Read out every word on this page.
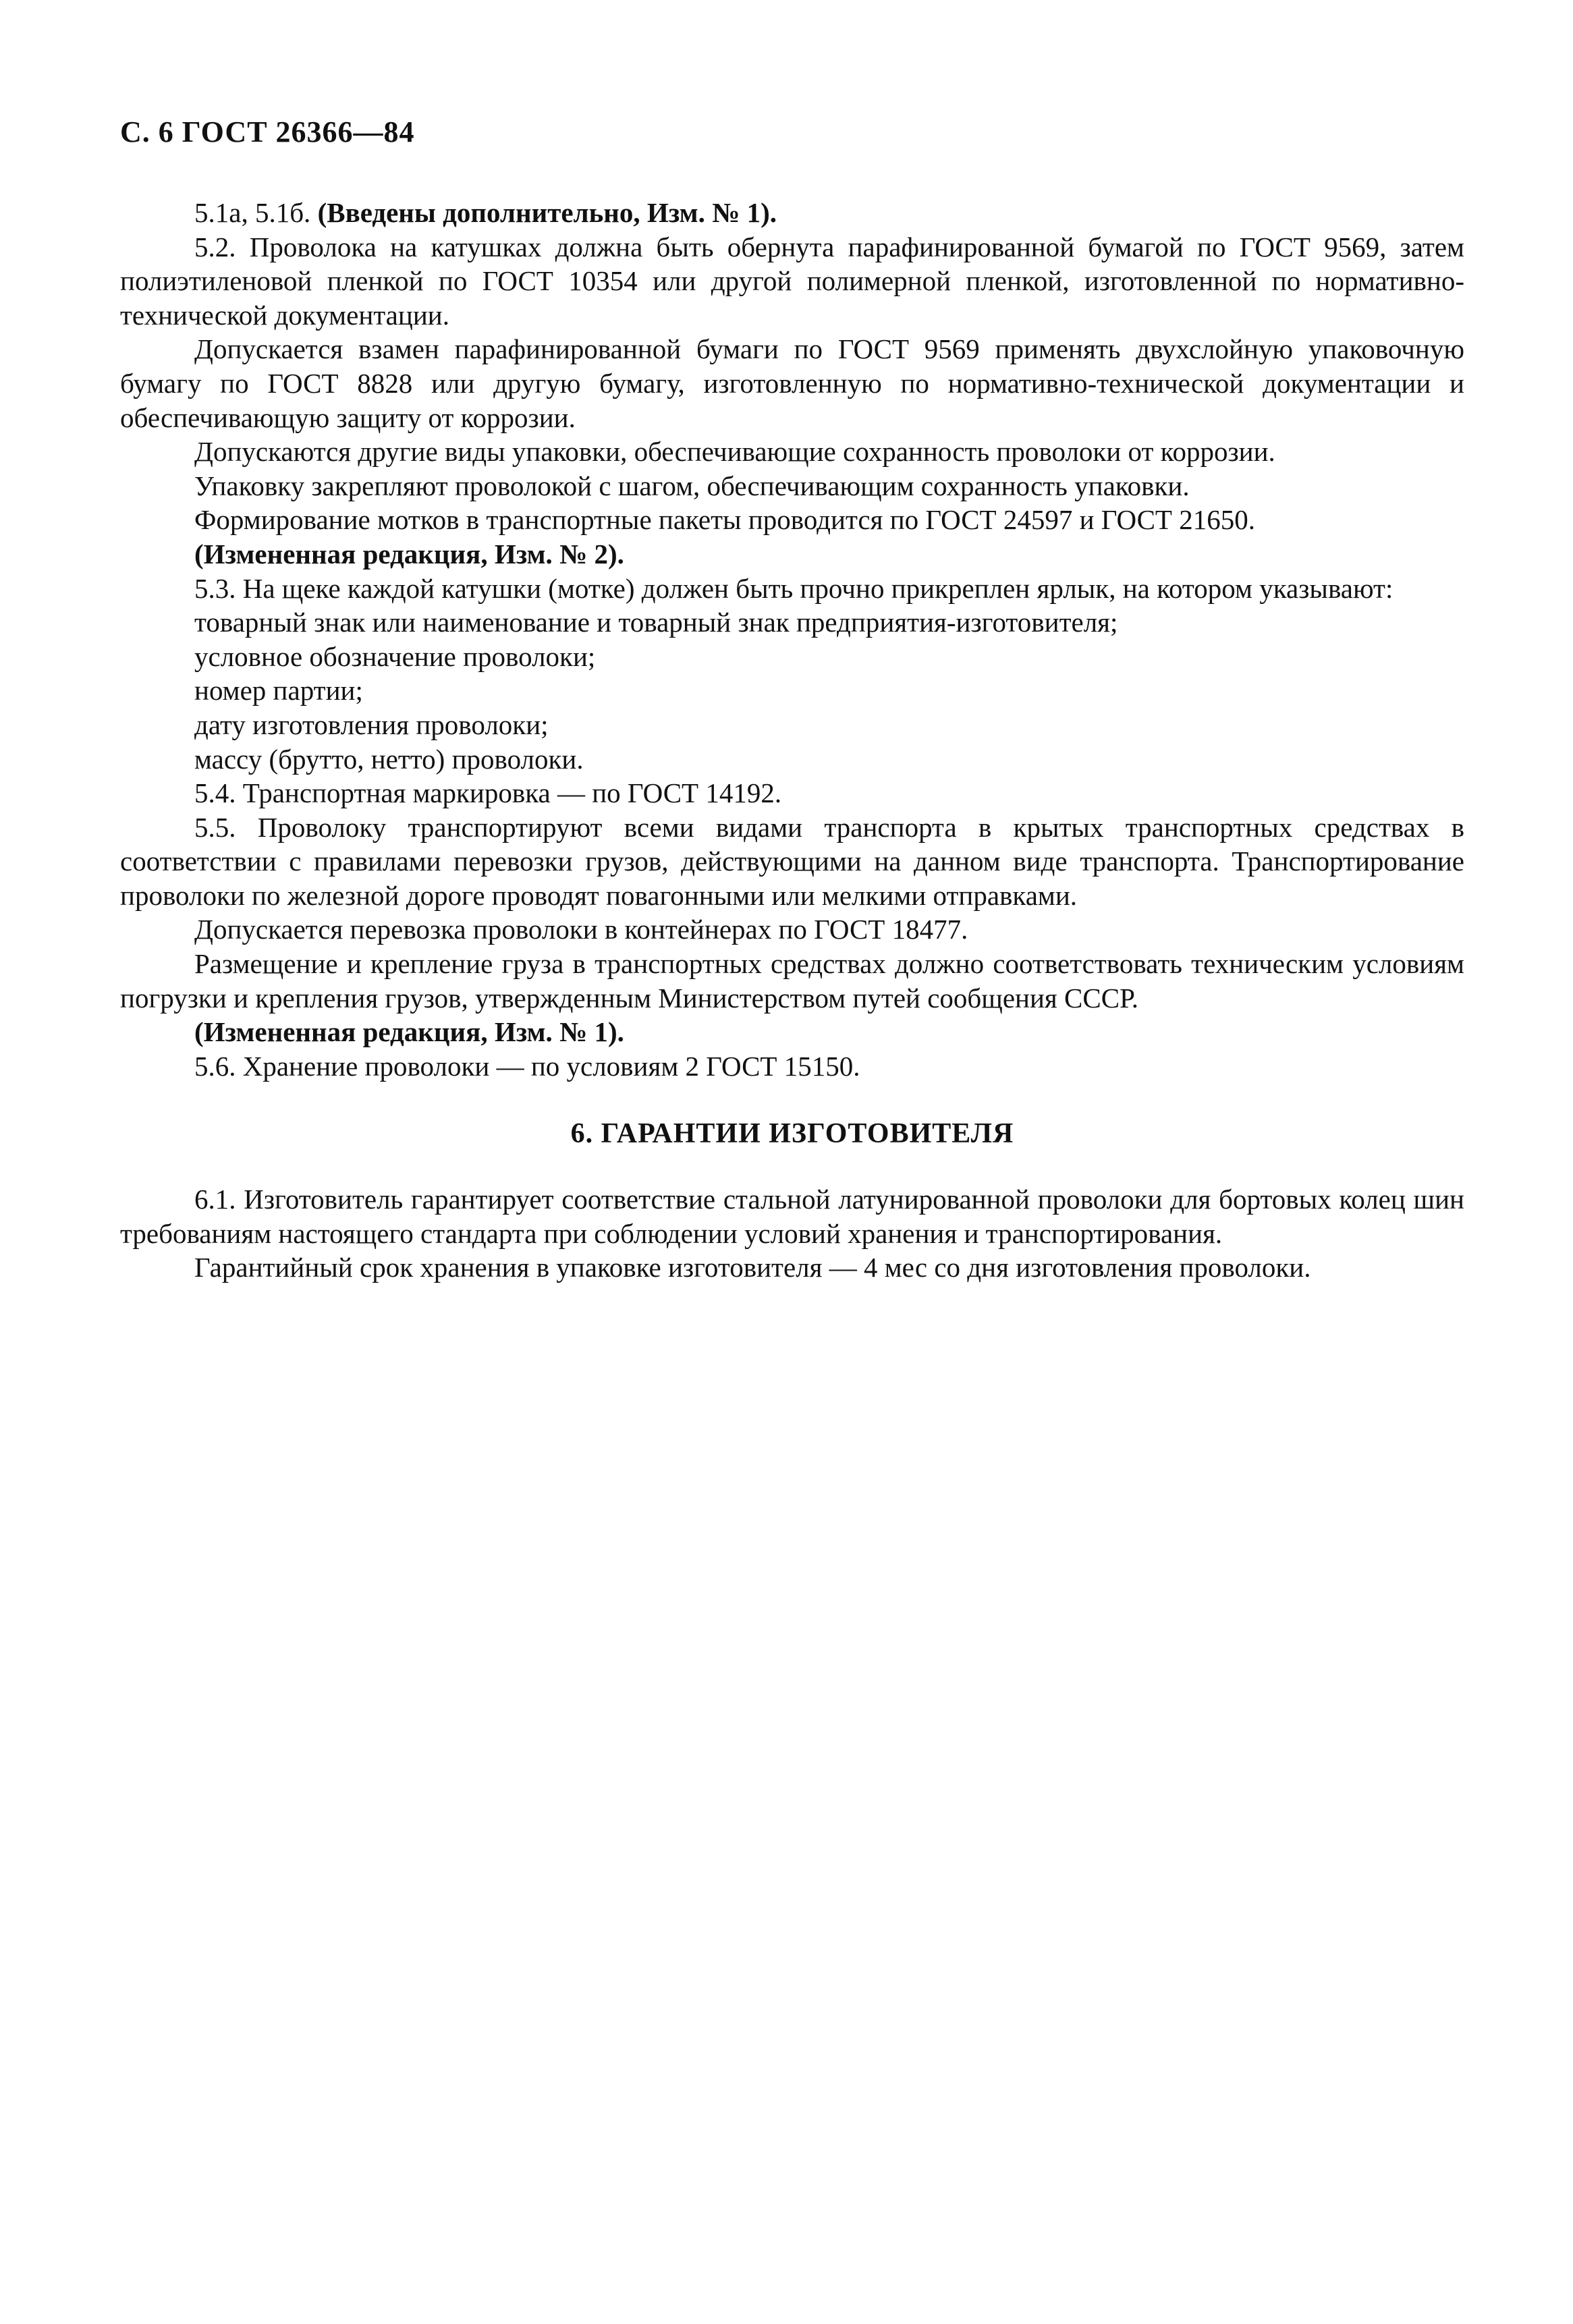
С. 6 ГОСТ 26366—84

5.1а, 5.1б. (Введены дополнительно, Изм. № 1).

5.2. Проволока на катушках должна быть обернута парафинированной бумагой по ГОСТ 9569, затем полиэтиленовой пленкой по ГОСТ 10354 или другой полимерной пленкой, изготовленной по нормативно-технической документации.

Допускается взамен парафинированной бумаги по ГОСТ 9569 применять двухслойную упаковочную бумагу по ГОСТ 8828 или другую бумагу, изготовленную по нормативно-технической документации и обеспечивающую защиту от коррозии.

Допускаются другие виды упаковки, обеспечивающие сохранность проволоки от коррозии.

Упаковку закрепляют проволокой с шагом, обеспечивающим сохранность упаковки.

Формирование мотков в транспортные пакеты проводится по ГОСТ 24597 и ГОСТ 21650.

(Измененная редакция, Изм. № 2).

5.3. На щеке каждой катушки (мотке) должен быть прочно прикреплен ярлык, на котором указывают:

товарный знак или наименование и товарный знак предприятия-изготовителя;

условное обозначение проволоки;

номер партии;

дату изготовления проволоки;

массу (брутто, нетто) проволоки.

5.4. Транспортная маркировка — по ГОСТ 14192.

5.5. Проволоку транспортируют всеми видами транспорта в крытых транспортных средствах в соответствии с правилами перевозки грузов, действующими на данном виде транспорта. Транспортирование проволоки по железной дороге проводят повагонными или мелкими отправками.

Допускается перевозка проволоки в контейнерах по ГОСТ 18477.

Размещение и крепление груза в транспортных средствах должно соответствовать техническим условиям погрузки и крепления грузов, утвержденным Министерством путей сообщения СССР.

(Измененная редакция, Изм. № 1).

5.6. Хранение проволоки — по условиям 2 ГОСТ 15150.

6. ГАРАНТИИ ИЗГОТОВИТЕЛЯ

6.1. Изготовитель гарантирует соответствие стальной латунированной проволоки для бортовых колец шин требованиям настоящего стандарта при соблюдении условий хранения и транспортирования.

Гарантийный срок хранения в упаковке изготовителя — 4 мес со дня изготовления проволоки.
